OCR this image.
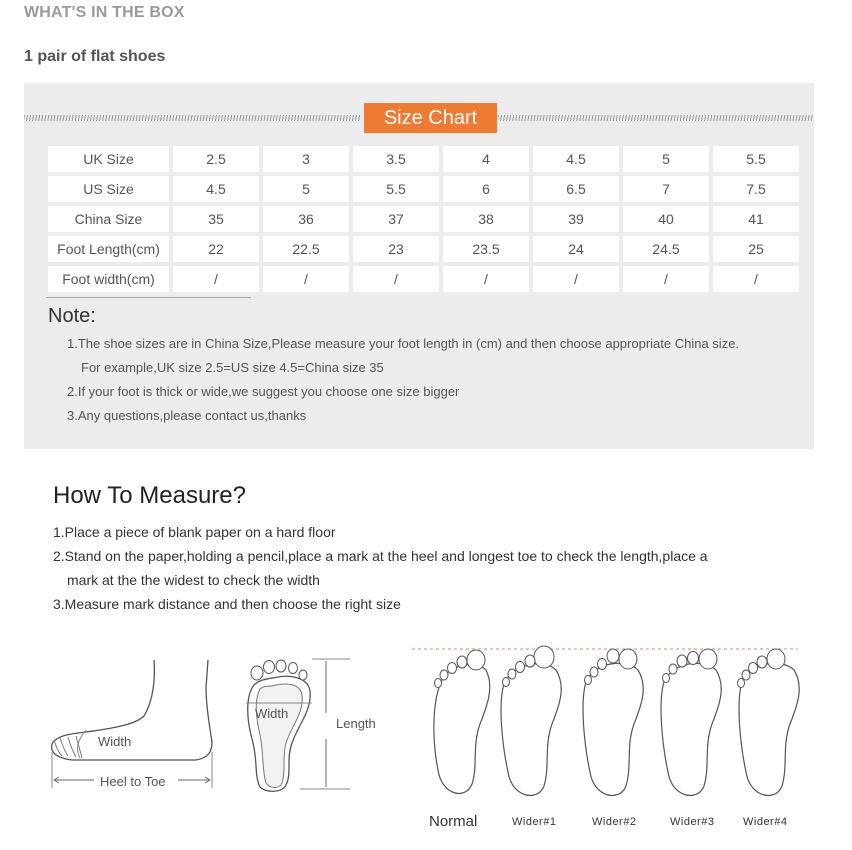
WHAT'S IN THE BOX
1 pair of flat shoes
Size Chart
UK Size	2.5	3	3.5	4	4.5	5	5.5
US Size	4.5	5	5.5	6	6.5	7	7.5
China Size	35	36	37	38	39	40	41
Foot Length(cm)	22	22.5	23	23.5	24	24.5	25
Foot width(cm)	/	/	/	/	/	/	/
Note:
1.The shoe sizes are in China Size,Please measure your foot length in (cm) and then choose appropriate China size.
For example,UK size 2.5=US size 4.5=China size 35
2.If your foot is thick or wide,we suggest you choose one size bigger
3.Any questions,please contact us,thanks
How To Measure?
1.Place a piece of blank paper on a hard floor
2.Stand on the paper,holding a pencil,place a mark at the heel and longest toe to check the length,place a
mark at the the widest to check the width
3.Measure mark distance and then choose the right size
Width
Heel to Toe
Width
Length
Normal	Wider#1	Wider#2	Wider#3	Wider#4
